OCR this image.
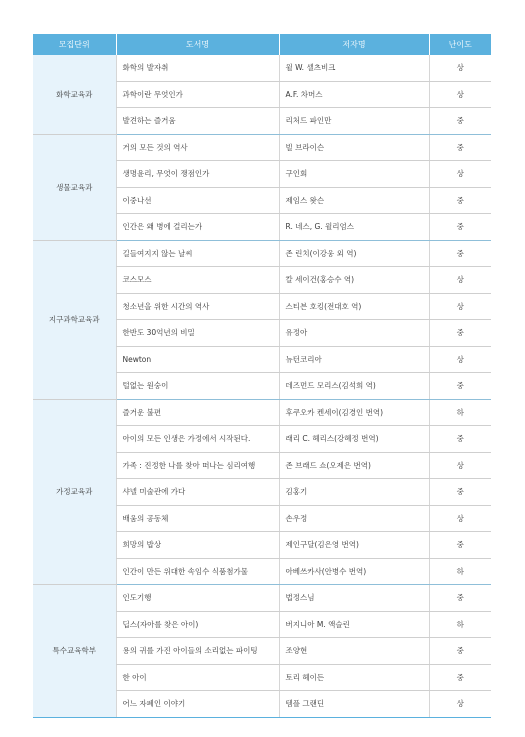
모집단위	도서명	저자명	난이도
화학교육과	화학의 발자취	윌 W. 셀츠비크	상
	과학이란 무엇인가	A.F. 차머스	상
	발견하는 즐거움	리처드 파인만	중
생물교육과	거의 모든 것의 역사	빌 브라이슨	중
	생명윤리, 무엇이 쟁점인가	구인회	상
	이중나선	제임스 왓슨	중
	인간은 왜 병에 걸리는가	R. 네스, G. 윌리엄스	중
지구과학교육과	길들여지지 않는 날씨	존 린치(이강웅 외 역)	중
	코스모스	칼 세이건(홍승수 역)	상
	청소년을 위한 시간의 역사	스티븐 호킹(전대호 역)	상
	한반도 30억년의 비밀	유정아	중
	Newton	뉴턴코리아	상
	털없는 원숭이	데즈먼드 모리스(김석희 역)	중
가정교육과	즐거운 불편	후쿠오카 켄세이(김경인 번역)	하
	아이의 모든 인생은 가정에서 시작된다.	래리 C. 헤리스(강혜정 번역)	중
	가족 : 진정한 나를 찾아 떠나는 심리여행	존 브래드 쇼(오제은 번역)	상
	샤넬 미술관에 가다	김홍기	중
	배움의 공동체	손우정	상
	희망의 밥상	제인구달(김은영 번역)	중
	인간이 만든 위대한 속임수 식품첨가물	아베쓰카사(안병수 번역)	하
특수교육학부	인도기행	법정스님	중
	딥스(자아를 찾은 아이)	버지니아 M. 액슬린	하
	용의 귀를 가진 아이들의 소리없는 파이팅	조양현	중
	한 아이	토리 헤이든	중
	어느 자폐인 이야기	템플 그랜딘	상
